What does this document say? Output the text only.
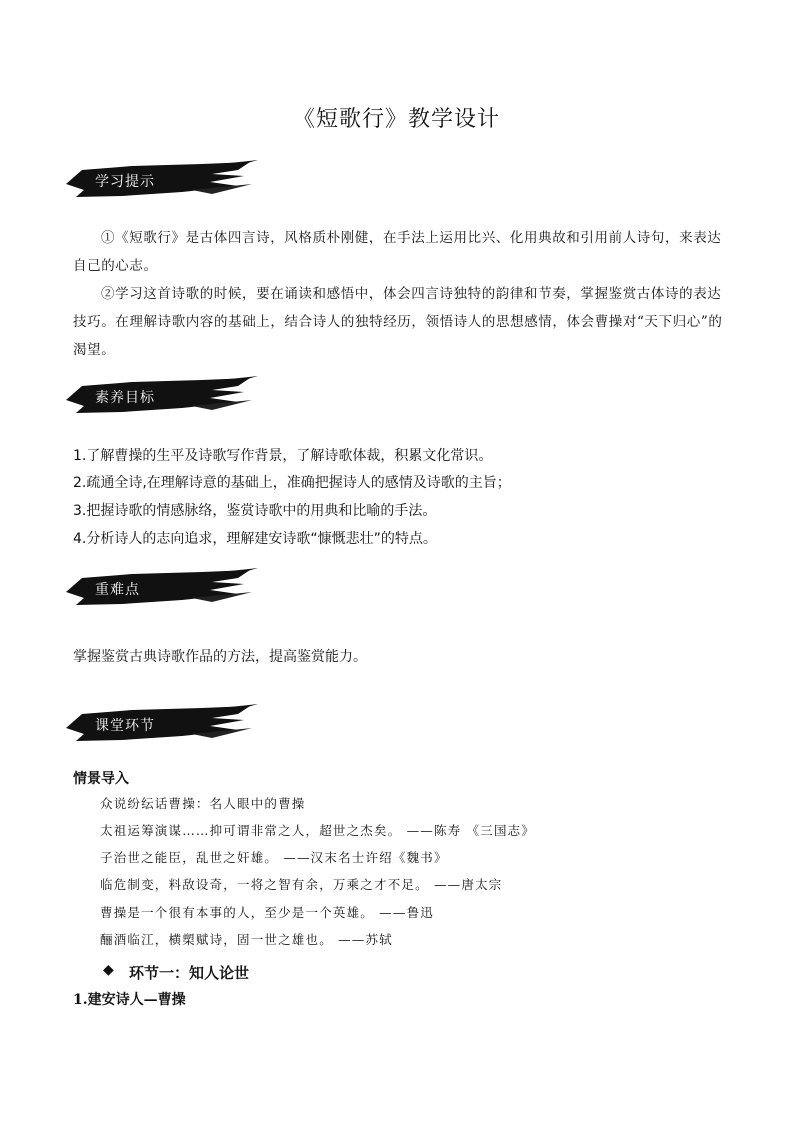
《短歌行》教学设计
学习提示
①《短歌行》是古体四言诗，风格质朴刚健，在手法上运用比兴、化用典故和引用前人诗句，来表达自己的心志。
②学习这首诗歌的时候，要在诵读和感悟中，体会四言诗独特的韵律和节奏，掌握鉴赏古体诗的表达技巧。在理解诗歌内容的基础上，结合诗人的独特经历，领悟诗人的思想感情，体会曹操对“天下归心”的渴望。
素养目标
1.了解曹操的生平及诗歌写作背景，了解诗歌体裁，积累文化常识。
2.疏通全诗,在理解诗意的基础上，准确把握诗人的感情及诗歌的主旨；
3.把握诗歌的情感脉络，鉴赏诗歌中的用典和比喻的手法。
4.分析诗人的志向追求，理解建安诗歌“慷慨悲壮”的特点。
重难点
掌握鉴赏古典诗歌作品的方法，提高鉴赏能力。
课堂环节
情景导入
众说纷纭话曹操：名人眼中的曹操
太祖运筹演谋……抑可谓非常之人，超世之杰矣。 ——陈寿 《三国志》
子治世之能臣，乱世之奸雄。 ——汉末名士许绍《魏书》
临危制变，料敌设奇，一将之智有余，万乘之才不足。 ——唐太宗
曹操是一个很有本事的人，至少是一个英雄。 ——鲁迅
酾酒临江，横槊赋诗，固一世之雄也。 ——苏轼
◆ 环节一：知人论世
1.建安诗人—曹操
